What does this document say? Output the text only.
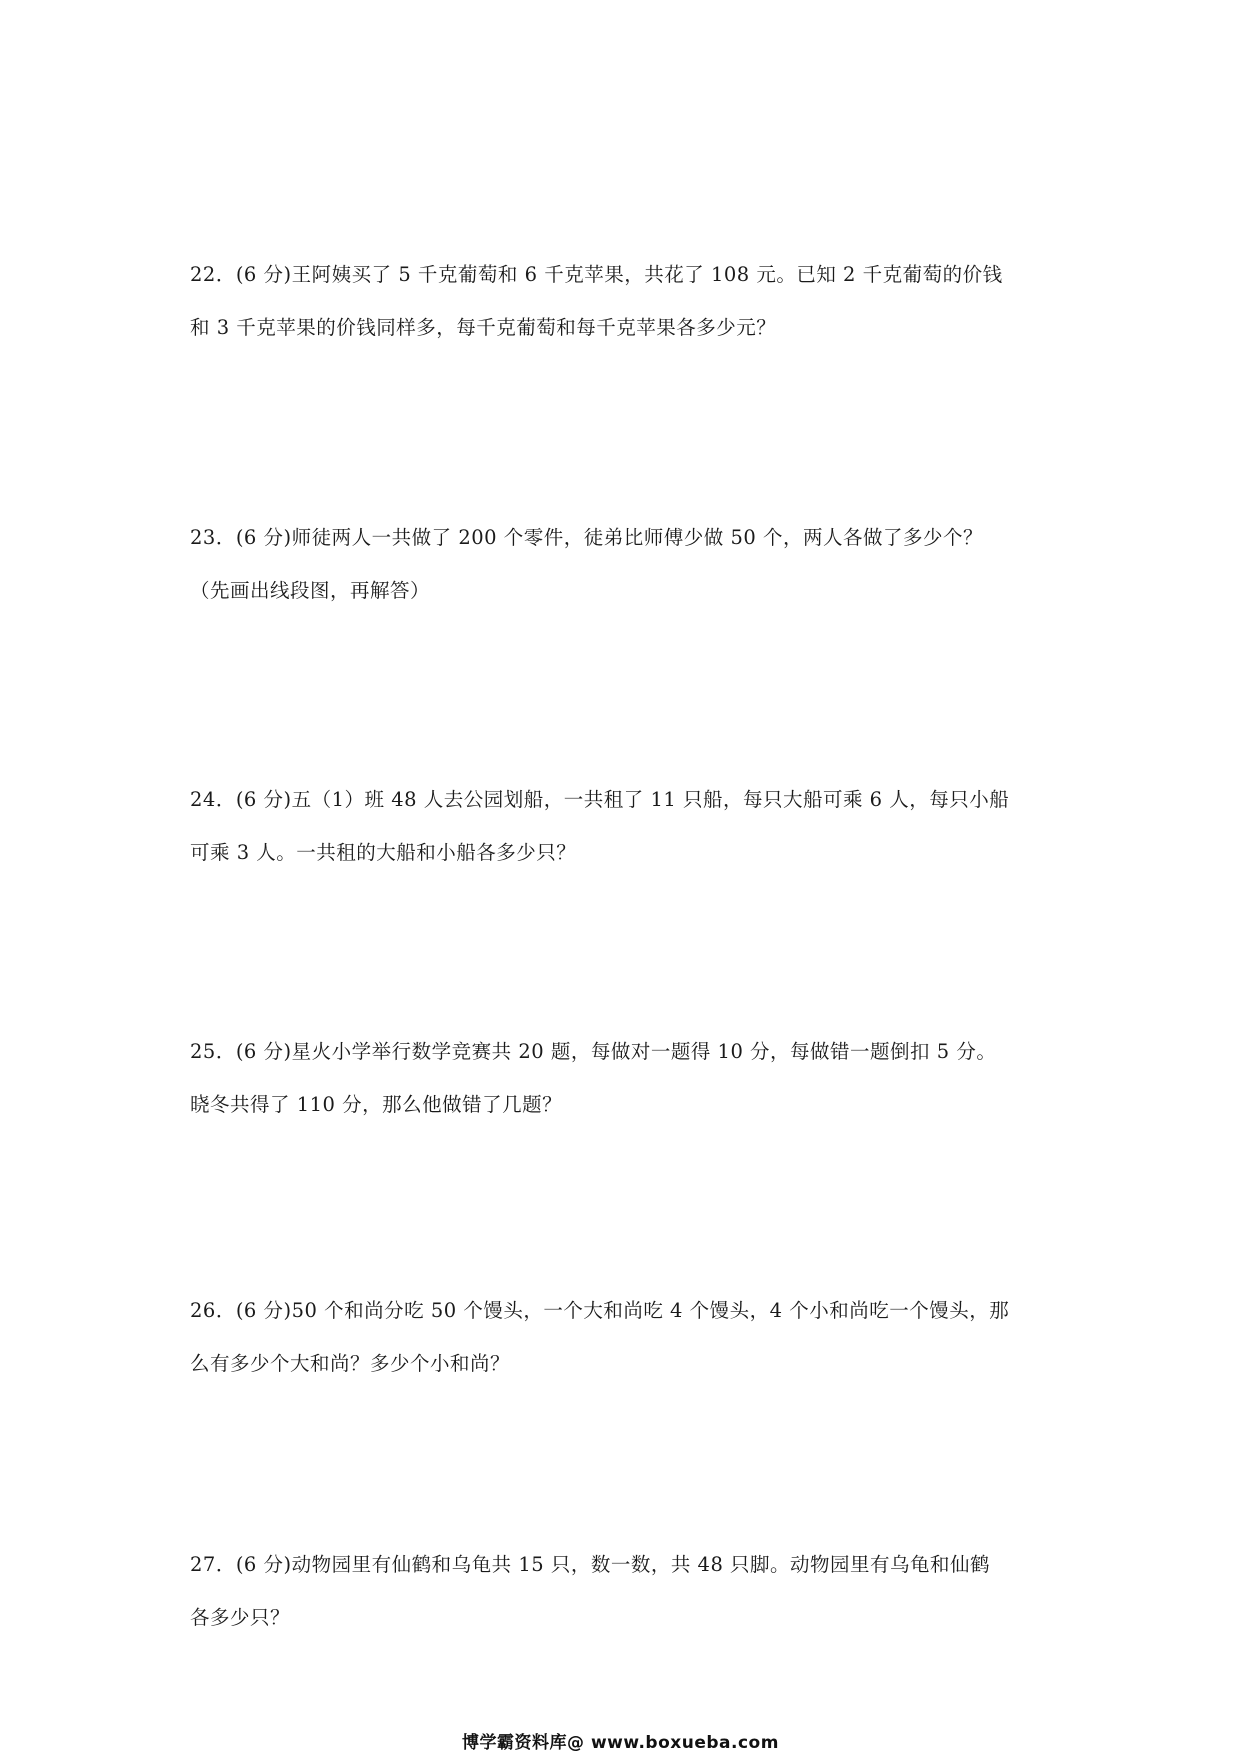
22．(6 分)王阿姨买了 5 千克葡萄和 6 千克苹果，共花了 108 元。已知 2 千克葡萄的价钱
和 3 千克苹果的价钱同样多，每千克葡萄和每千克苹果各多少元？
23．(6 分)师徒两人一共做了 200 个零件，徒弟比师傅少做 50 个，两人各做了多少个？
（先画出线段图，再解答）
24．(6 分)五（1）班 48 人去公园划船，一共租了 11 只船，每只大船可乘 6 人，每只小船
可乘 3 人。一共租的大船和小船各多少只？
25．(6 分)星火小学举行数学竞赛共 20 题，每做对一题得 10 分，每做错一题倒扣 5 分。
晓冬共得了 110 分，那么他做错了几题？
26．(6 分)50 个和尚分吃 50 个馒头，一个大和尚吃 4 个馒头，4 个小和尚吃一个馒头，那
么有多少个大和尚？多少个小和尚？
27．(6 分)动物园里有仙鹤和乌龟共 15 只，数一数，共 48 只脚。动物园里有乌龟和仙鹤
各多少只？
博学霸资料库@ www.boxueba.com
